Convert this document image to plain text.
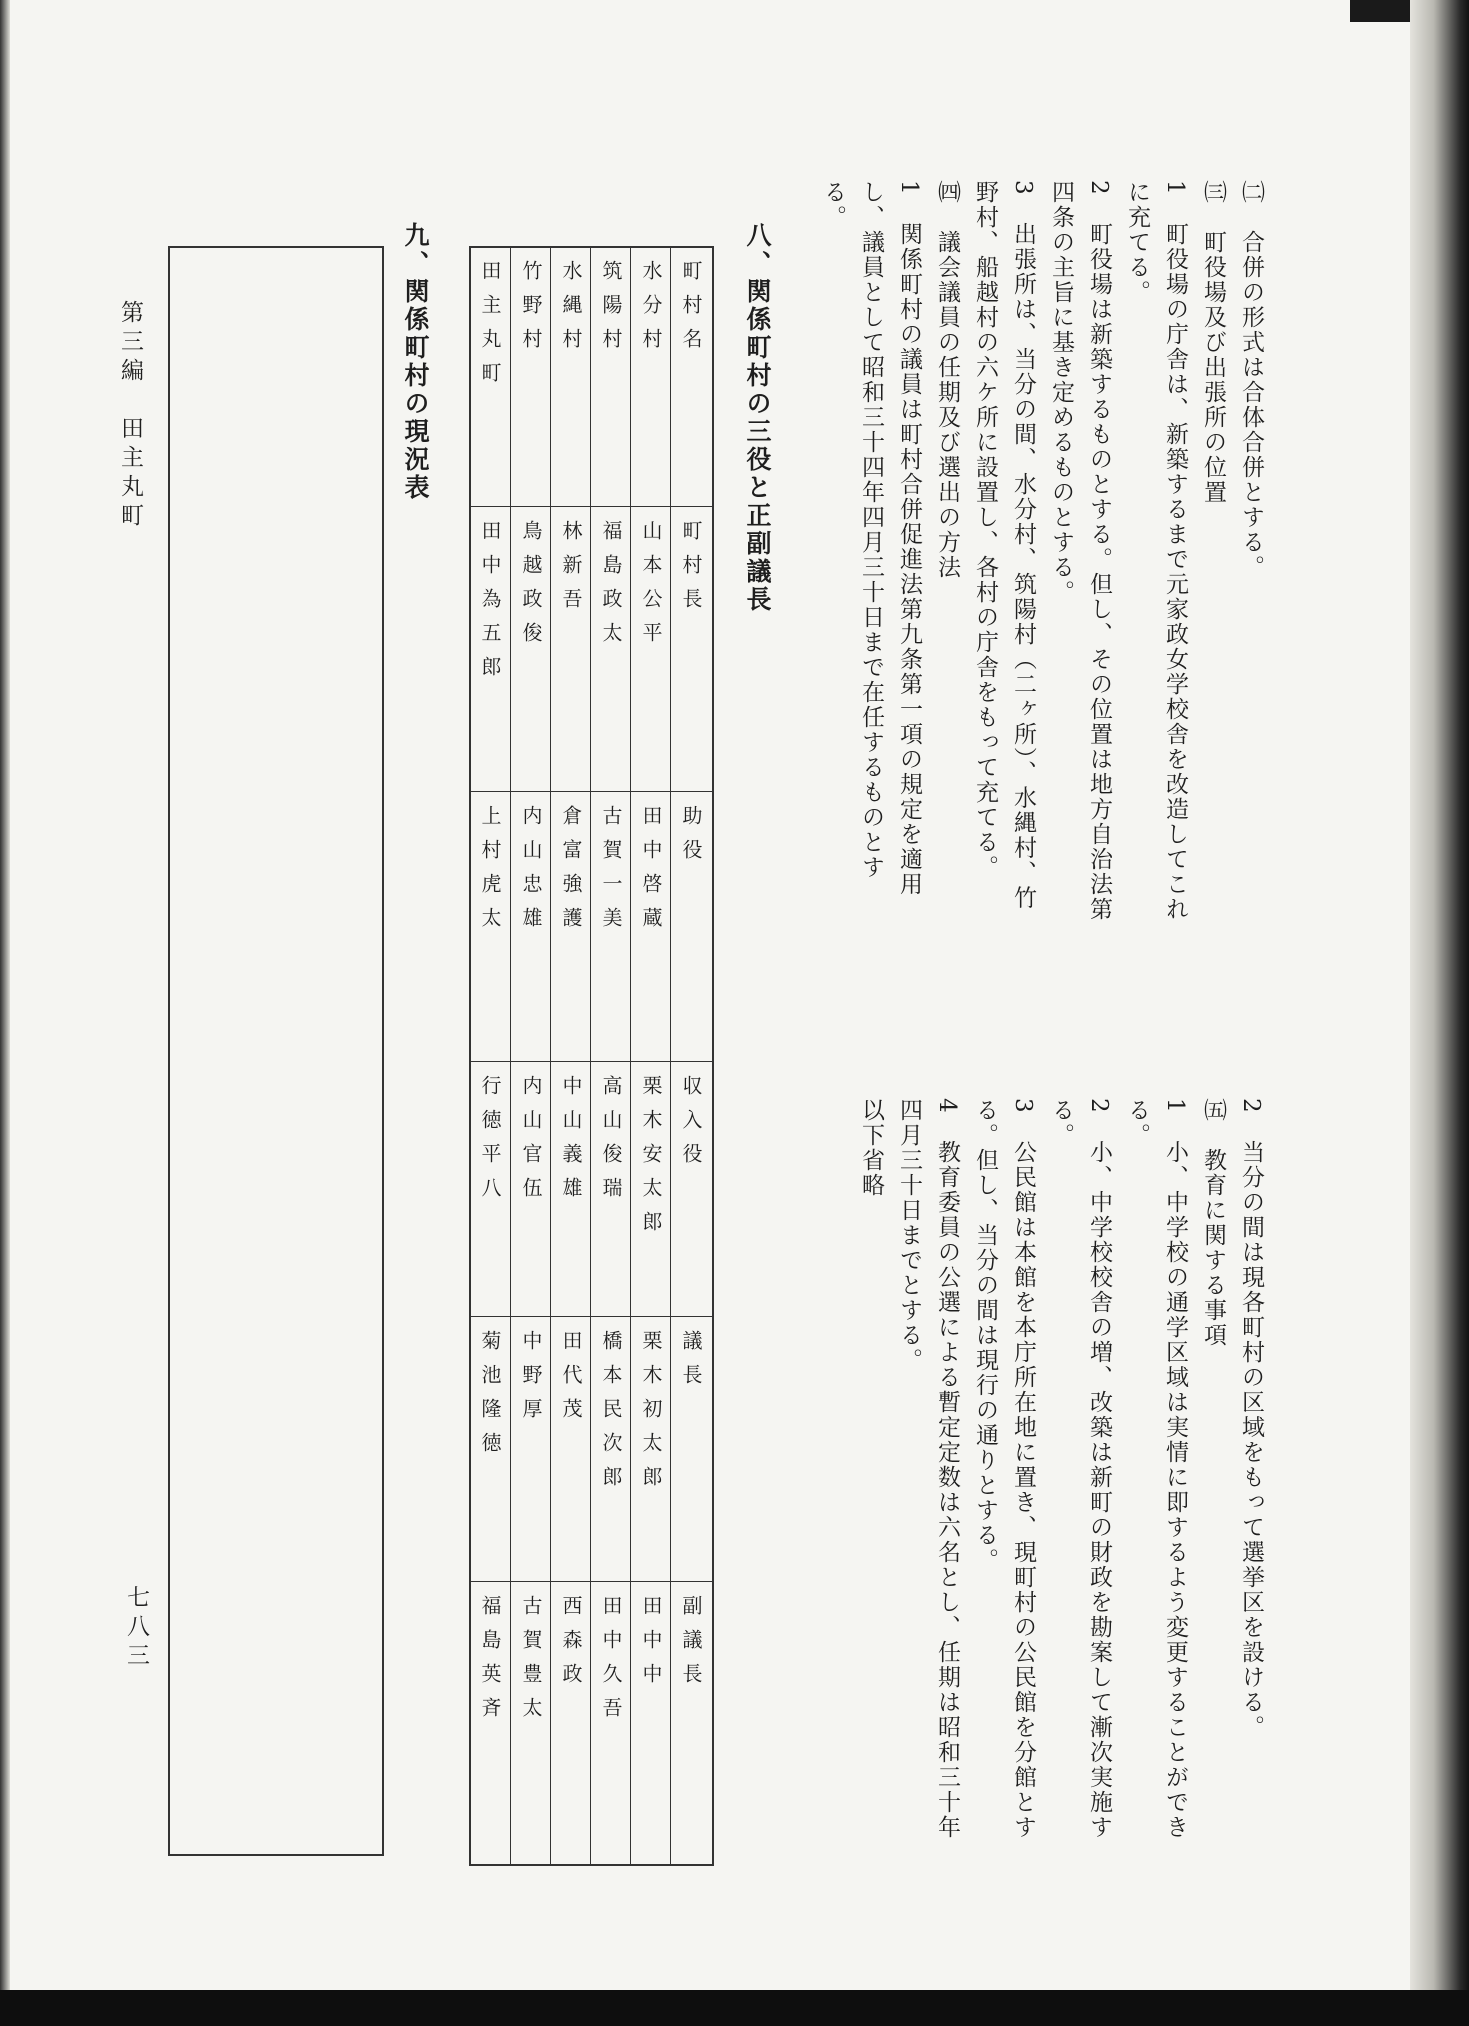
㈡　合併の形式は合体合併とする。
㈢　町役場及び出張所の位置
1　町役場の庁舎は、新築するまで元家政女学校舎を改造してこれ
に充てる。
2　町役場は新築するものとする。但し、その位置は地方自治法第
四条の主旨に基き定めるものとする。
3　出張所は、当分の間、水分村、筑陽村（二ヶ所）、水縄村、竹
野村、船越村の六ケ所に設置し、各村の庁舎をもって充てる。
㈣　議会議員の任期及び選出の方法
1　関係町村の議員は町村合併促進法第九条第一項の規定を適用
し、議員として昭和三十四年四月三十日まで在任するものとす
る。
2　当分の間は現各町村の区域をもって選挙区を設ける。
㈤　教育に関する事項
1　小、中学校の通学区域は実情に即するよう変更することができ
る。
2　小、中学校校舎の増、改築は新町の財政を勘案して漸次実施す
る。
3　公民館は本館を本庁所在地に置き、現町村の公民館を分館とす
る。但し、当分の間は現行の通りとする。
4　教育委員の公選による暫定定数は六名とし、任期は昭和三十年
四月三十日までとする。
以下省略
八、関係町村の三役と正副議長
町村名
町村長
助役
収入役
議長
副議長
水分村
山本公平
田中啓蔵
栗木安太郎
栗木初太郎
田中中
筑陽村
福島政太
古賀一美
高山俊瑞
橋本民次郎
田中久吾
水縄村
林新吾
倉富強護
中山義雄
田代茂
西森政
竹野村
鳥越政俊
内山忠雄
内山官伍
中野厚
古賀豊太
田主丸町
田中為五郎
上村虎太
行徳平八
菊池隆徳
福島英斉
九、関係町村の現況表
第三編　田主丸町
七八三
